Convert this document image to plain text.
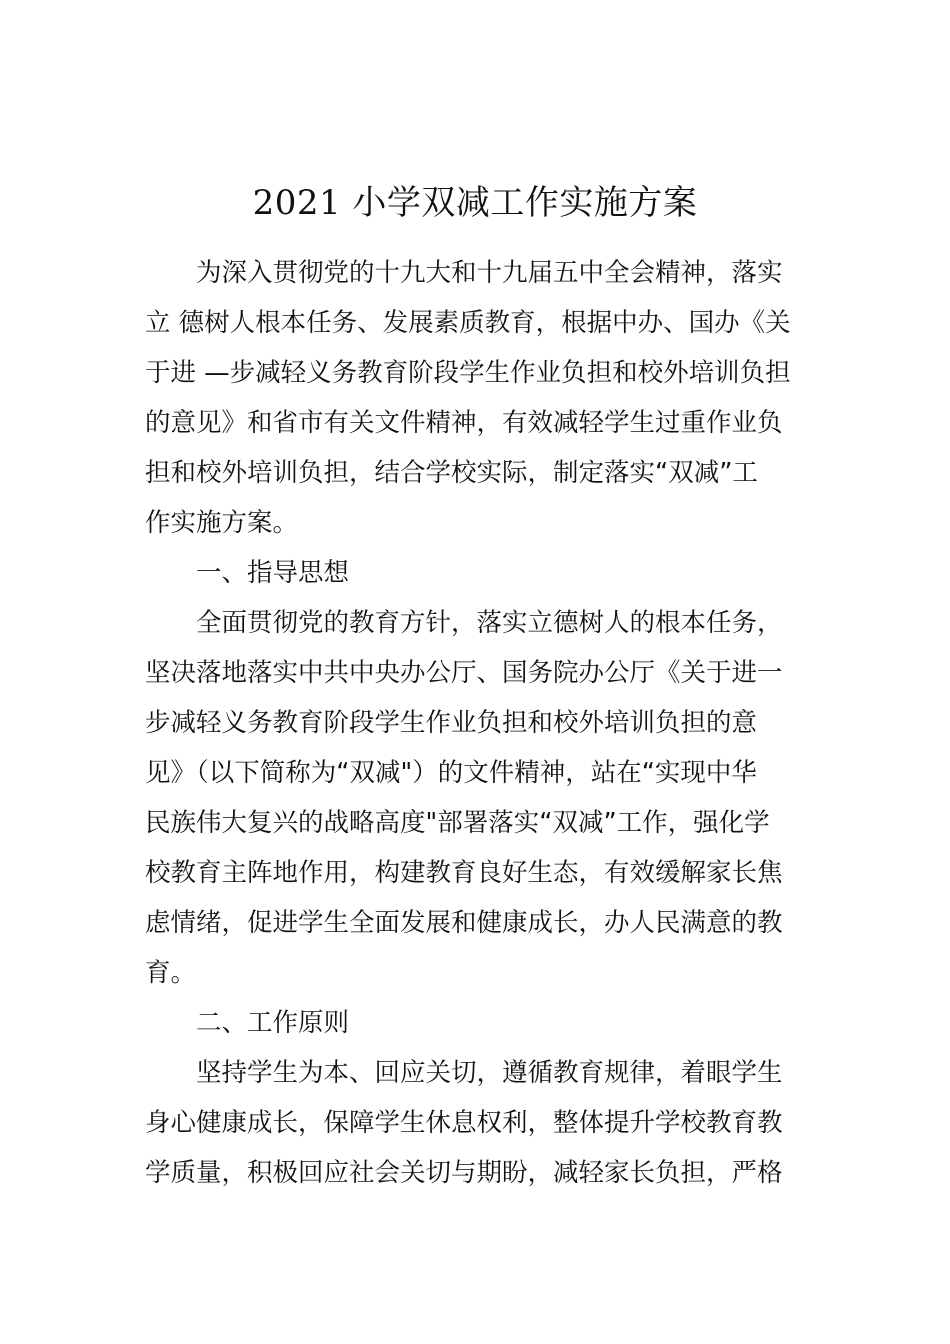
2021 小学双减工作实施方案
　　为深入贯彻党的十九大和十九届五中全会精神，落实
立 德树人根本任务、发展素质教育，根据中办、国办《关
于进 —步减轻义务教育阶段学生作业负担和校外培训负担
的意见》和省市有关文件精神，有效减轻学生过重作业负
担和校外培训负担，结合学校实际，制定落实“双减”工
作实施方案。
　　一、指导思想
　　全面贯彻党的教育方针，落实立德树人的根本任务，
坚决落地落实中共中央办公厅、国务院办公厅《关于进一
步减轻义务教育阶段学生作业负担和校外培训负担的意
见》（以下简称为“双减"）的文件精神，站在“实现中华
民族伟大复兴的战略高度"部署落实“双减”工作，强化学
校教育主阵地作用，构建教育良好生态，有效缓解家长焦
虑情绪，促进学生全面发展和健康成长，办人民满意的教
育。
　　二、工作原则
　　坚持学生为本、回应关切，遵循教育规律，着眼学生
身心健康成长，保障学生休息权利，整体提升学校教育教
学质量，积极回应社会关切与期盼，减轻家长负担，严格
